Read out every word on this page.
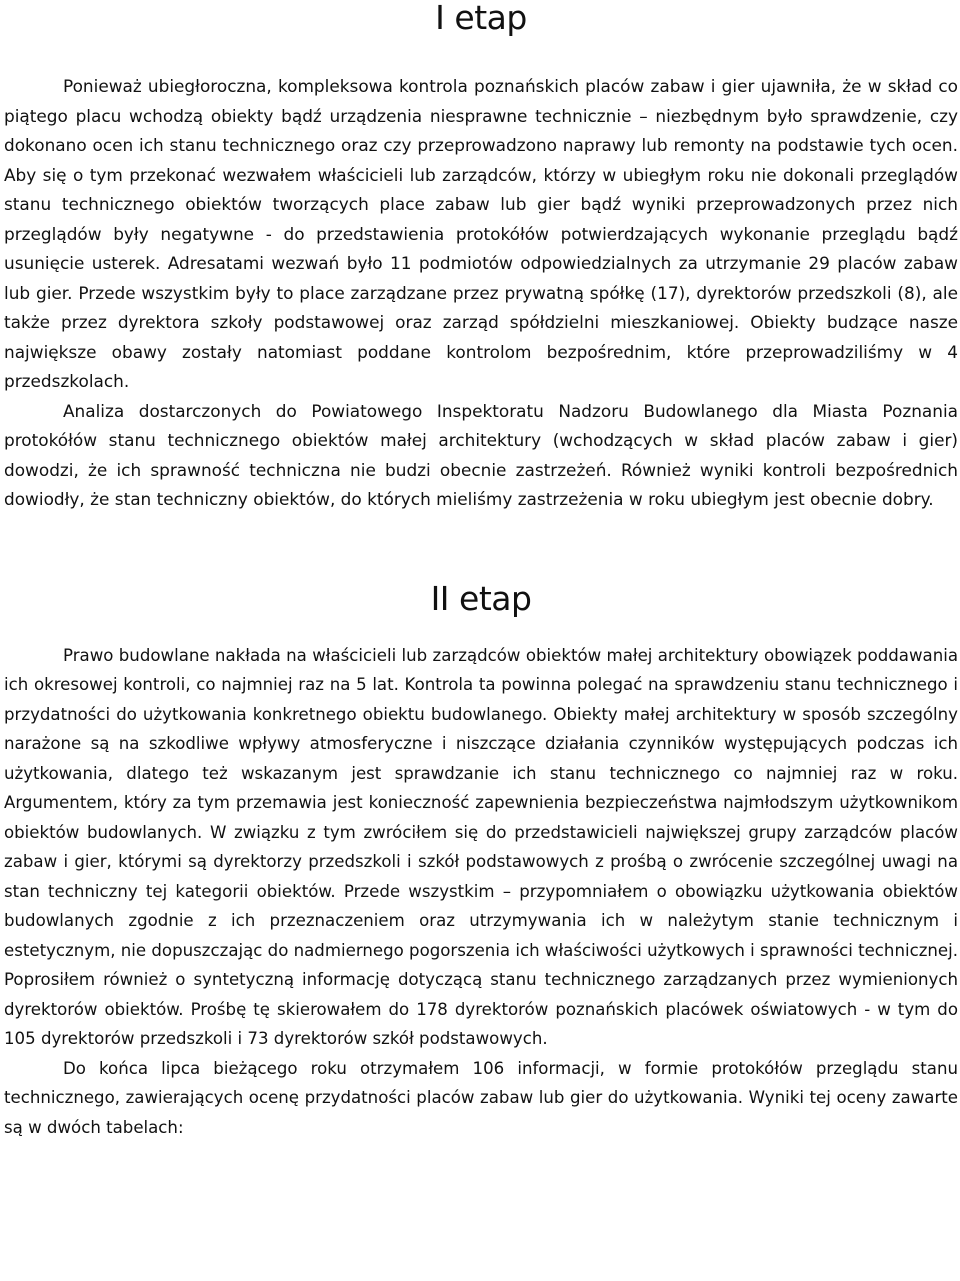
I etap

Ponieważ ubiegłoroczna, kompleksowa kontrola poznańskich placów zabaw i gier ujawniła, że w skład co piątego placu wchodzą obiekty bądź urządzenia niesprawne technicznie – niezbędnym było sprawdzenie, czy dokonano ocen ich stanu technicznego oraz czy przeprowadzono naprawy lub remonty na podstawie tych ocen. Aby się o tym przekonać wezwałem właścicieli lub zarządców, którzy w ubiegłym roku nie dokonali przeglądów stanu technicznego obiektów tworzących place zabaw lub gier bądź wyniki przeprowadzonych przez nich przeglądów były negatywne - do przedstawienia protokółów potwierdzających wykonanie przeglądu bądź usunięcie usterek. Adresatami wezwań było 11 podmiotów odpowiedzialnych za utrzymanie 29 placów zabaw lub gier. Przede wszystkim były to place zarządzane przez prywatną spółkę (17), dyrektorów przedszkoli (8), ale także przez dyrektora szkoły podstawowej oraz zarząd spółdzielni mieszkaniowej. Obiekty budzące nasze największe obawy zostały natomiast poddane kontrolom bezpośrednim, które przeprowadziliśmy w 4 przedszkolach.

Analiza dostarczonych do Powiatowego Inspektoratu Nadzoru Budowlanego dla Miasta Poznania protokółów stanu technicznego obiektów małej architektury (wchodzących w skład placów zabaw i gier) dowodzi, że ich sprawność techniczna nie budzi obecnie zastrzeżeń. Również wyniki kontroli bezpośrednich dowiodły, że stan techniczny obiektów, do których mieliśmy zastrzeżenia w roku ubiegłym jest obecnie dobry.

II etap

Prawo budowlane nakłada na właścicieli lub zarządców obiektów małej architektury obowiązek poddawania ich okresowej kontroli, co najmniej raz na 5 lat. Kontrola ta powinna polegać na sprawdzeniu stanu technicznego i przydatności do użytkowania konkretnego obiektu budowlanego. Obiekty małej architektury w sposób szczególny narażone są na szkodliwe wpływy atmosferyczne i niszczące działania czynników występujących podczas ich użytkowania, dlatego też wskazanym jest sprawdzanie ich stanu technicznego co najmniej raz w roku. Argumentem, który za tym przemawia jest konieczność zapewnienia bezpieczeństwa najmłodszym użytkownikom obiektów budowlanych. W związku z tym zwróciłem się do przedstawicieli największej grupy zarządców placów zabaw i gier, którymi są dyrektorzy przedszkoli i szkół podstawowych z prośbą o zwrócenie szczególnej uwagi na stan techniczny tej kategorii obiektów. Przede wszystkim – przypomniałem o obowiązku użytkowania obiektów budowlanych zgodnie z ich przeznaczeniem oraz utrzymywania ich w należytym stanie technicznym i estetycznym, nie dopuszczając do nadmiernego pogorszenia ich właściwości użytkowych i sprawności technicznej. Poprosiłem również o syntetyczną informację dotyczącą stanu technicznego zarządzanych przez wymienionych dyrektorów obiektów. Prośbę tę skierowałem do 178 dyrektorów poznańskich placówek oświatowych - w tym do 105 dyrektorów przedszkoli i 73 dyrektorów szkół podstawowych.

Do końca lipca bieżącego roku otrzymałem 106 informacji, w formie protokółów przeglądu stanu technicznego, zawierających ocenę przydatności placów zabaw lub gier do użytkowania. Wyniki tej oceny zawarte są w dwóch tabelach:
